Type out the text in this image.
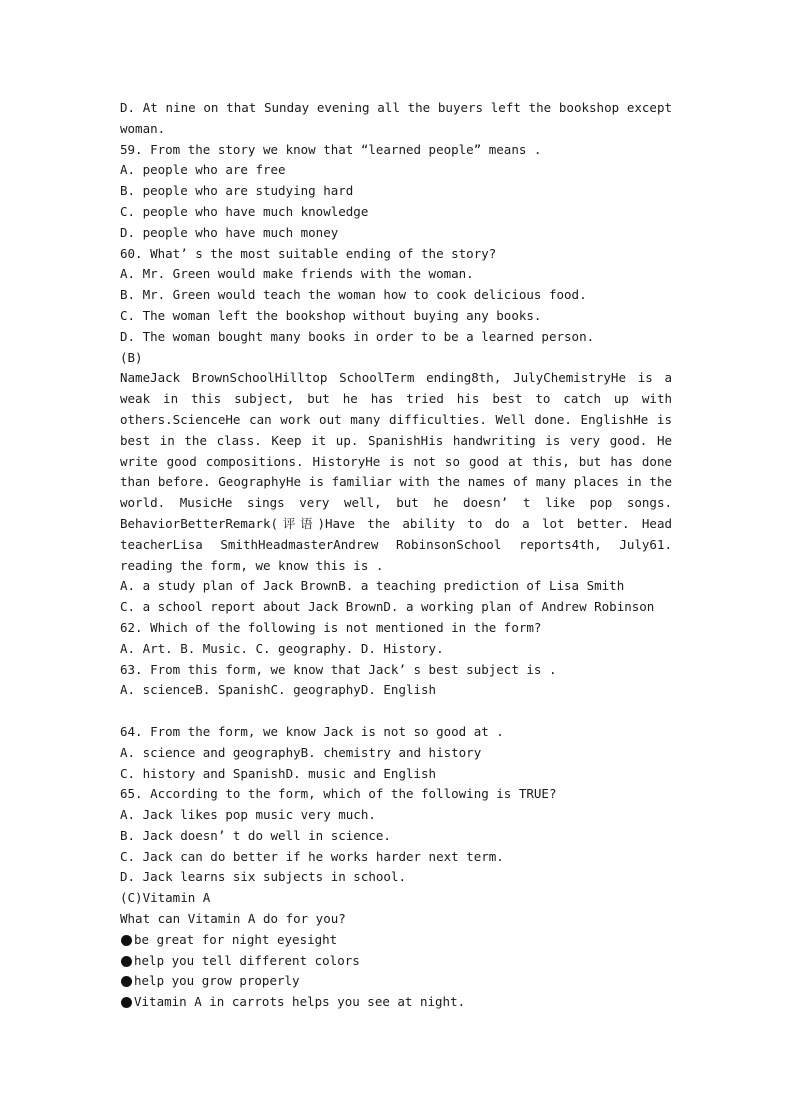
D. At nine on that Sunday evening all the buyers left the bookshop except
woman.
59. From the story we know that “learned people” means .
A. people who are free
B. people who are studying hard
C. people who have much knowledge
D. people who have much money
60. What’ s the most suitable ending of the story?
A. Mr. Green would make friends with the woman.
B. Mr. Green would teach the woman how to cook delicious food.
C. The woman left the bookshop without buying any books.
D. The woman bought many books in order to be a learned person.
(B)
NameJack BrownSchoolHilltop SchoolTerm ending8th, JulyChemistryHe is a
weak in this subject, but he has tried his best to catch up with
others.ScienceHe can work out many difficulties. Well done. EnglishHe is
best in the class. Keep it up. SpanishHis handwriting is very good. He
write good compositions. HistoryHe is not so good at this, but has done
than before. GeographyHe is familiar with the names of many places in the
world. MusicHe sings very well, but he doesn’ t like pop songs.
BehaviorBetterRemark(评语)Have the ability to do a lot better. Head
teacherLisa SmithHeadmasterAndrew RobinsonSchool reports4th, July61.
reading the form, we know this is .
A. a study plan of Jack BrownB. a teaching prediction of Lisa Smith
C. a school report about Jack BrownD. a working plan of Andrew Robinson
62. Which of the following is not mentioned in the form?
A. Art. B. Music. C. geography. D. History.
63. From this form, we know that Jack’ s best subject is .
A. scienceB. SpanishC. geographyD. English
64. From the form, we know Jack is not so good at .
A. science and geographyB. chemistry and history
C. history and SpanishD. music and English
65. According to the form, which of the following is TRUE?
A. Jack likes pop music very much.
B. Jack doesn’ t do well in science.
C. Jack can do better if he works harder next term.
D. Jack learns six subjects in school.
(C)Vitamin A
What can Vitamin A do for you?
be great for night eyesight
help you tell different colors
help you grow properly
Vitamin A in carrots helps you see at night.
